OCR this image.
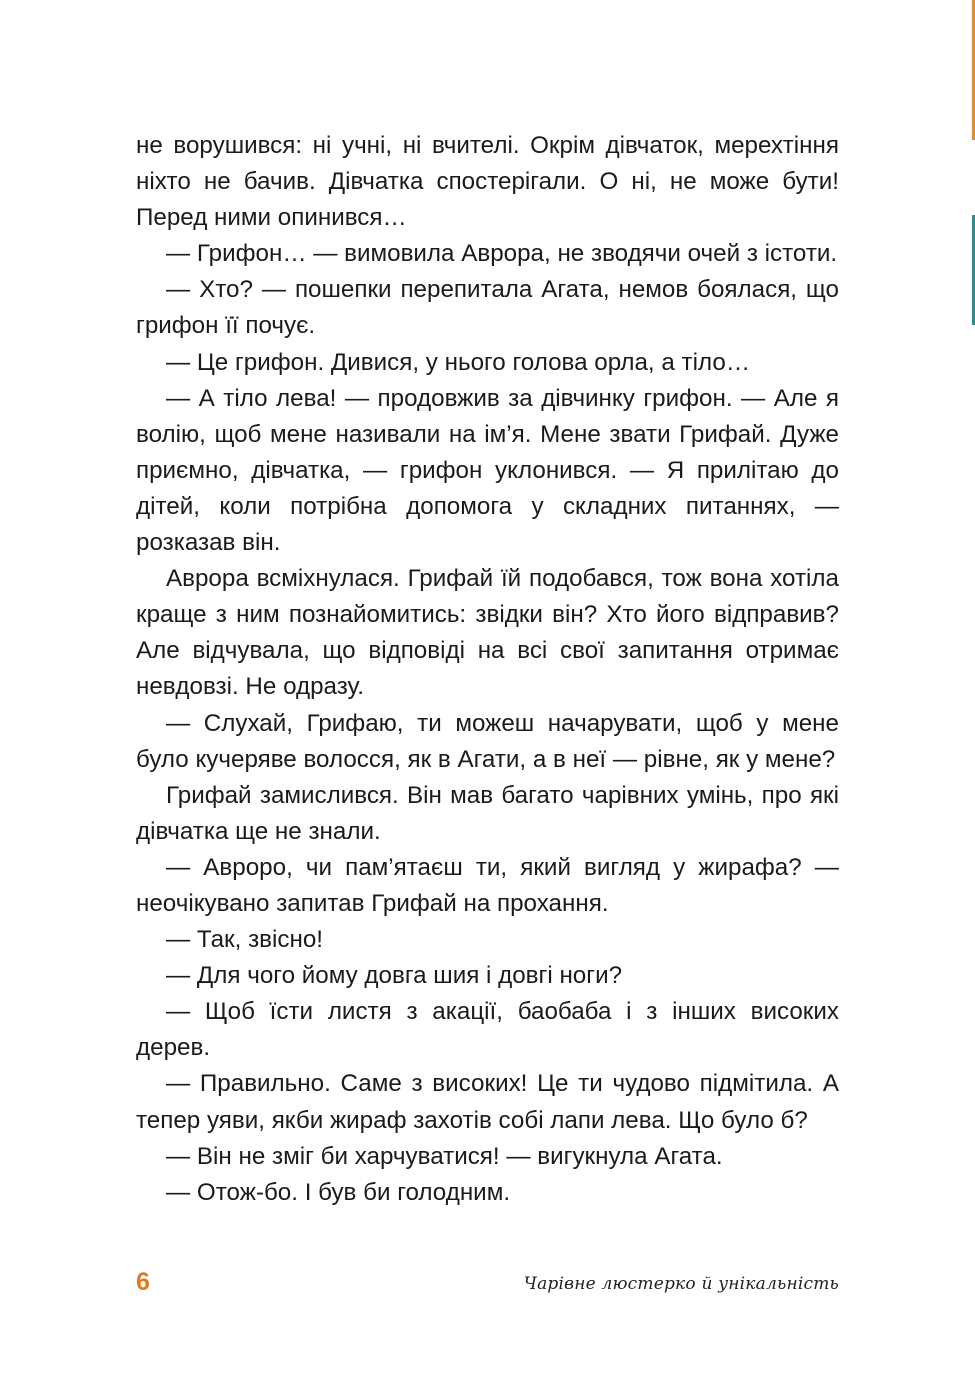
не ворушився: ні учні, ні вчителі. Окрім дівчаток, мерехтіння ніхто не бачив. Дівчатка спостерігали. О ні, не може бути! Перед ними опинився…

— Грифон… — вимовила Аврора, не зводячи очей з істоти.

— Хто? — пошепки перепитала Агата, немов боялася, що грифон її почує.

— Це грифон. Дивися, у нього голова орла, а тіло…

— А тіло лева! — продовжив за дівчинку грифон. — Але я волію, щоб мене називали на ім’я. Мене звати Грифай. Дуже приємно, дівчатка, — грифон уклонився. — Я прилітаю до дітей, коли потрібна допомога у складних питаннях, — розказав він.

Аврора всміхнулася. Грифай їй подобався, тож вона хотіла краще з ним познайомитись: звідки він? Хто його відправив? Але відчувала, що відповіді на всі свої запитання отримає невдовзі. Не одразу.

— Слухай, Грифаю, ти можеш начарувати, щоб у мене було кучеряве волосся, як в Агати, а в неї — рівне, як у мене?

Грифай замислився. Він мав багато чарівних умінь, про які дівчатка ще не знали.

— Авроро, чи пам’ятаєш ти, який вигляд у жирафа? — неочікувано запитав Грифай на прохання.

— Так, звісно!

— Для чого йому довга шия і довгі ноги?

— Щоб їсти листя з акації, баобаба і з інших високих дерев.

— Правильно. Саме з високих! Це ти чудово підмітила. А тепер уяви, якби жираф захотів собі лапи лева. Що було б?

— Він не зміг би харчуватися! — вигукнула Агата.

— Отож-бо. І був би голодним.

6	Чарівне люстерко й унікальність
